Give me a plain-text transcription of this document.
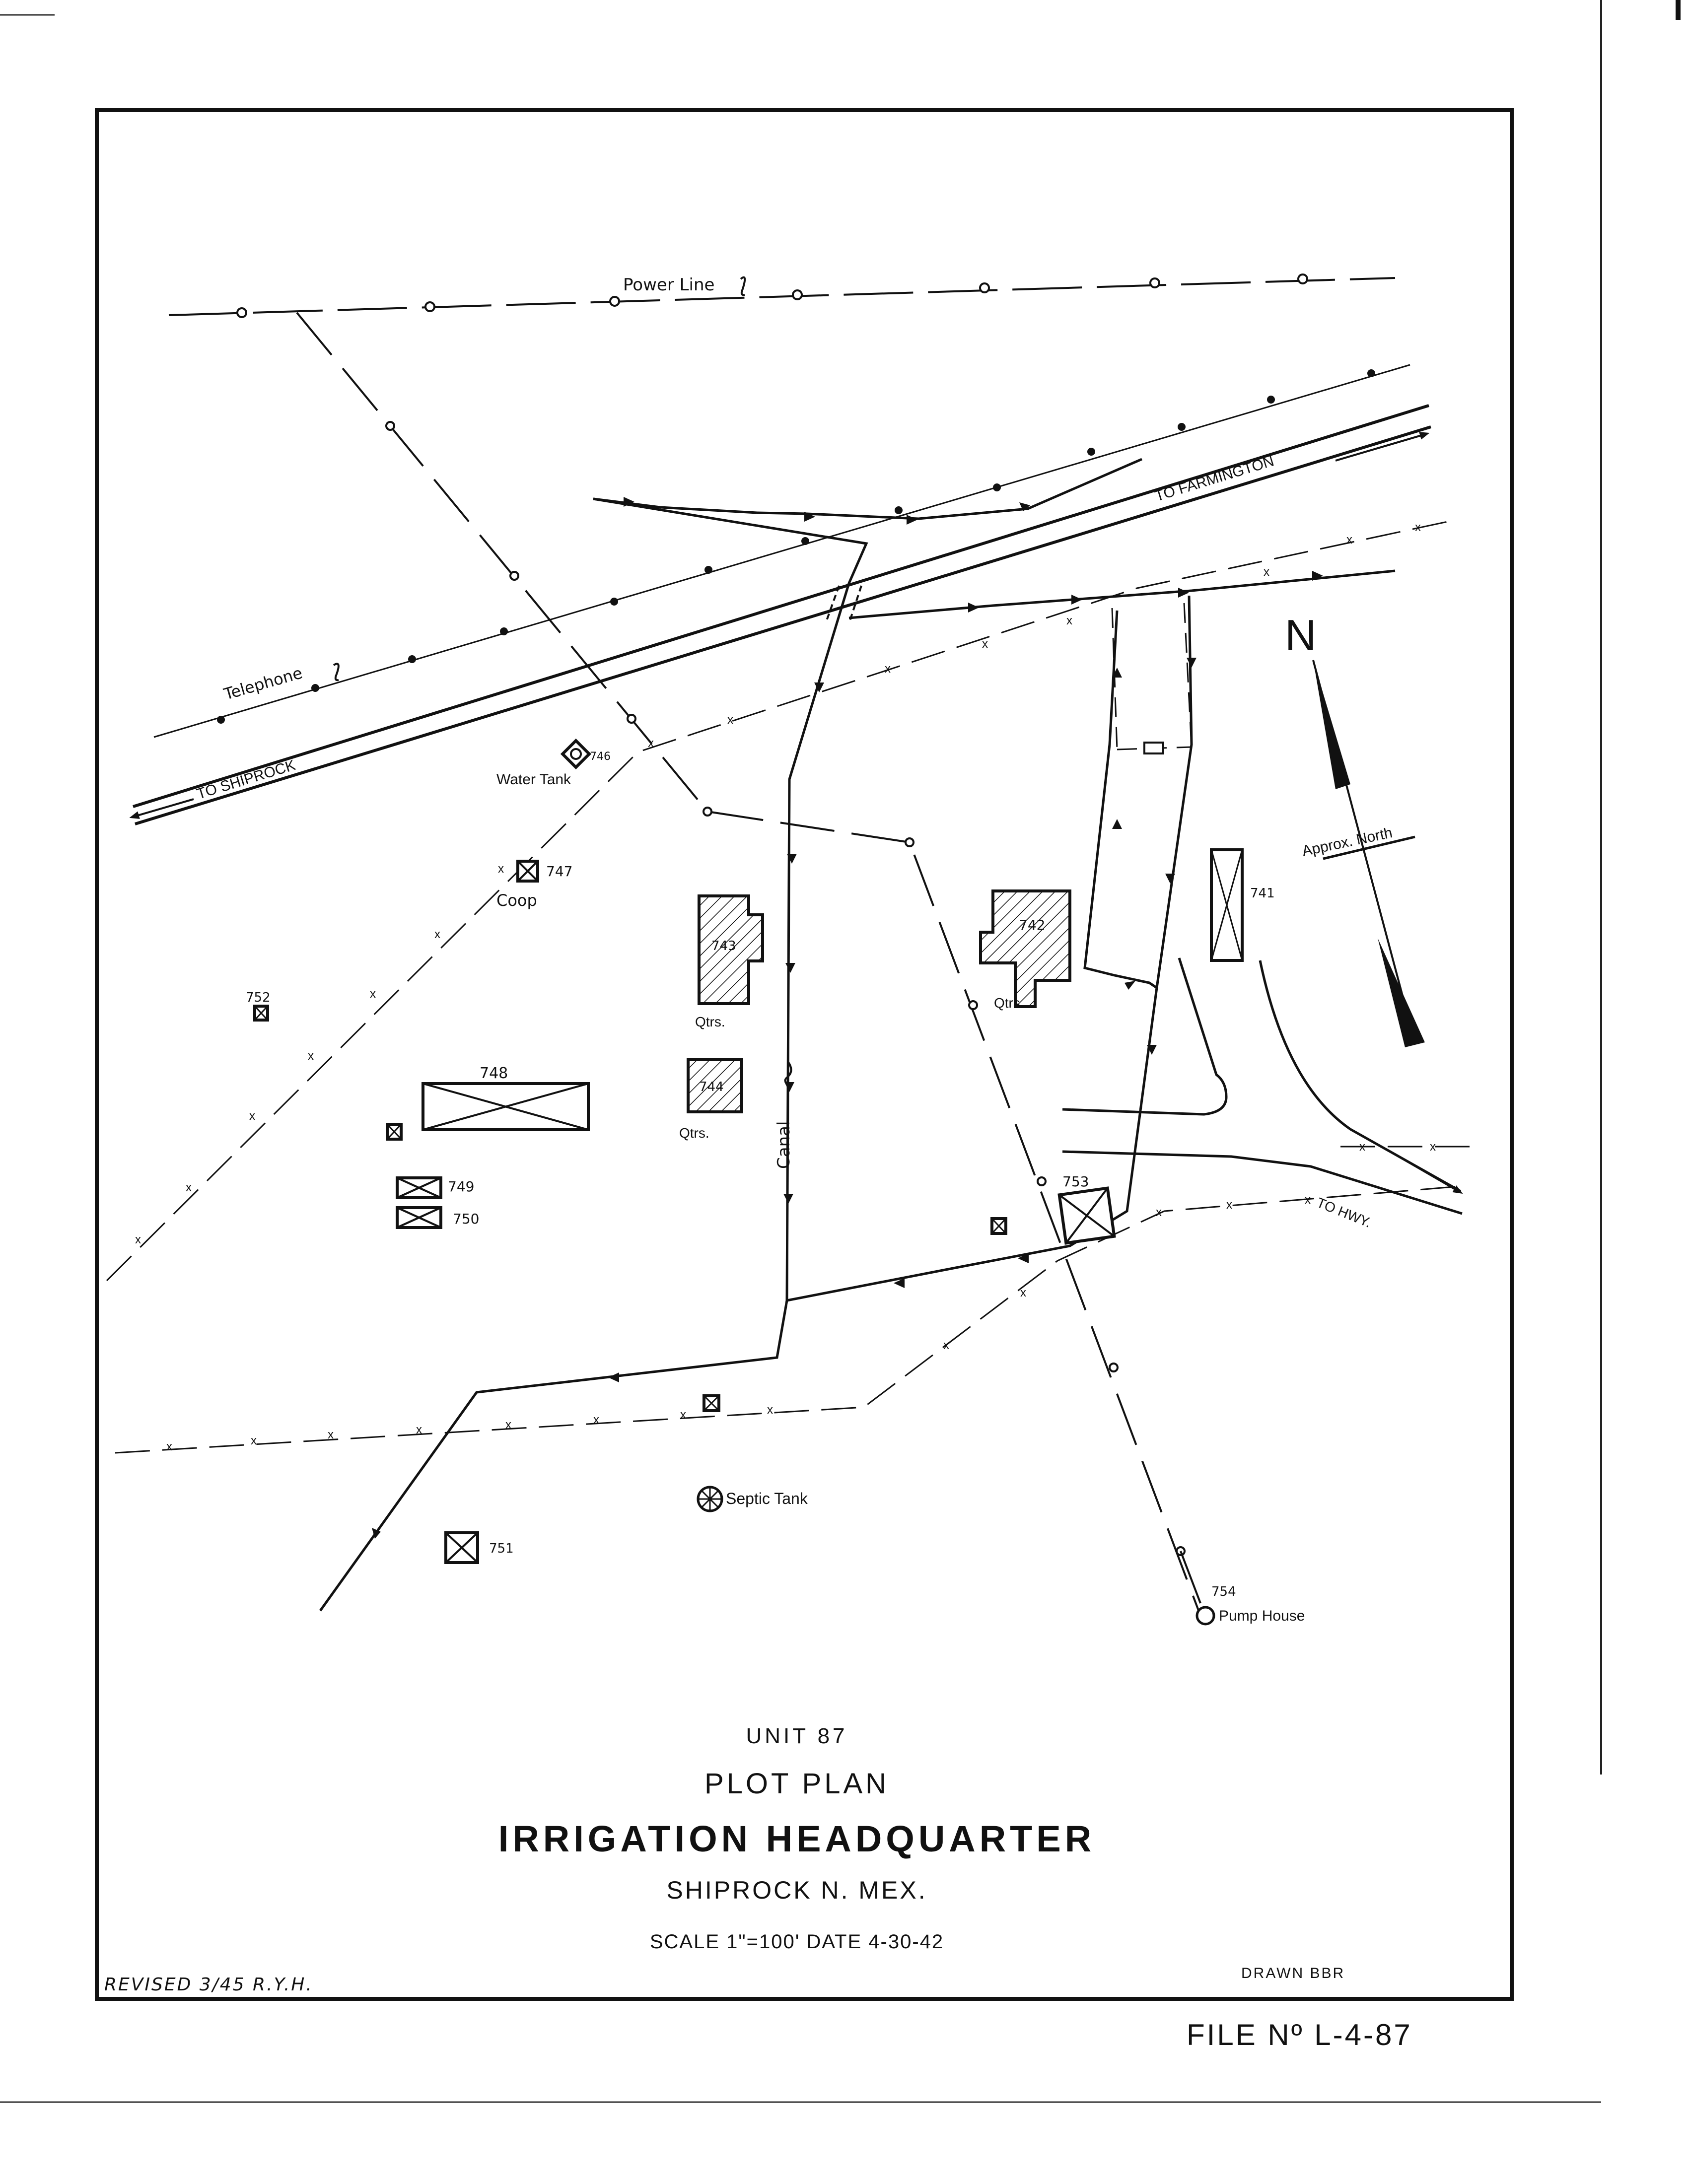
Power Line
Telephone
TO FARMINGTON
TO SHIPROCK
x
x
x
x
x
x
x
x
x
x
x
x
x
x
x
x	x	x	x	x	x	x	x
x
x
x
x	x
x	x
Canal
TO HWY.
N
Approx. North
741
742
Qtrs.
743
Qtrs.
744
Qtrs.
746
Water Tank
747
Coop
748
749
750
751
752
753
Septic Tank
754
Pump House
UNIT 87
PLOT PLAN
IRRIGATION HEADQUARTER
SHIPROCK N. MEX.
SCALE 1"=100' DATE 4-30-42
DRAWN BBR
REVISED 3/45 R.Y.H.
FILE Nº L-4-87
